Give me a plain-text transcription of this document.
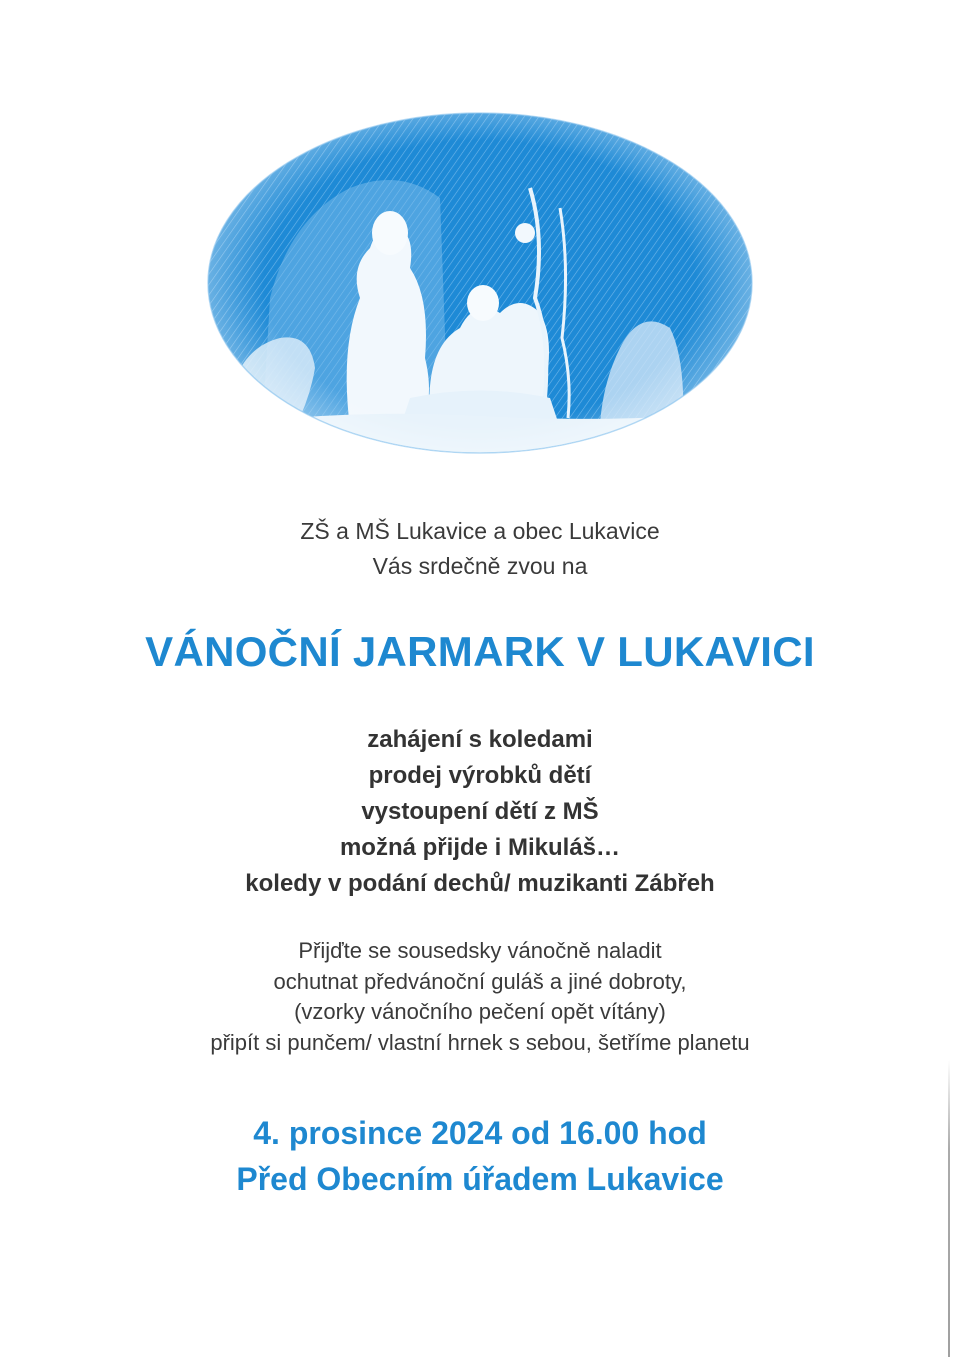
ZŠ a MŠ Lukavice a obec Lukavice
Vás srdečně zvou na
VÁNOČNÍ JARMARK V LUKAVICI
zahájení s koledami
prodej výrobků dětí
vystoupení dětí z MŠ
možná přijde i Mikuláš…
koledy v podání dechů/ muzikanti Zábřeh
Přijďte se sousedsky vánočně naladit
ochutnat předvánoční guláš a jiné dobroty,
(vzorky vánočního pečení opět vítány)
připít si punčem/ vlastní hrnek s sebou, šetříme planetu
4. prosince 2024 od 16.00 hod
Před Obecním úřadem Lukavice
